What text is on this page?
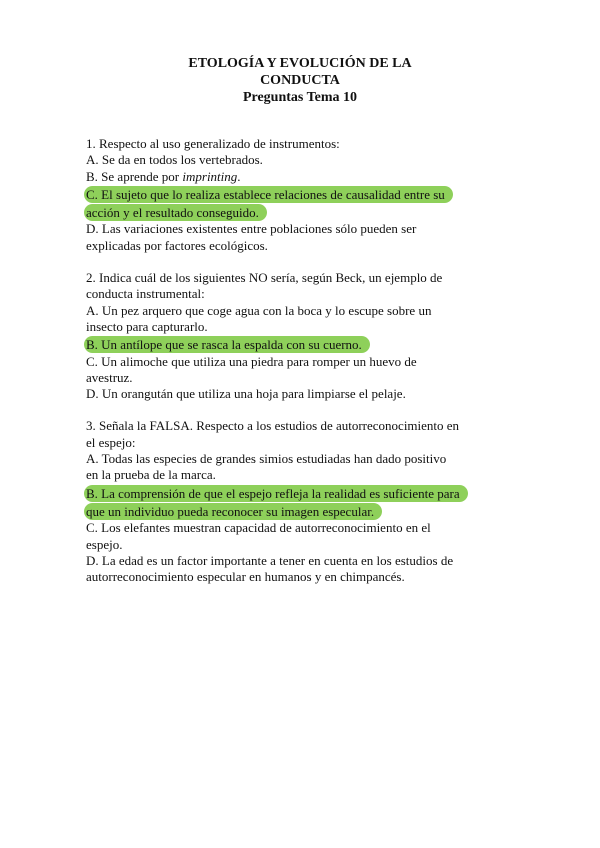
ETOLOGÍA Y EVOLUCIÓN DE LA
CONDUCTA
Preguntas Tema 10
1. Respecto al uso generalizado de instrumentos:
A. Se da en todos los vertebrados.
B. Se aprende por imprinting.
C. El sujeto que lo realiza establece relaciones de causalidad entre su
acción y el resultado conseguido.
D. Las variaciones existentes entre poblaciones sólo pueden ser
explicadas por factores ecológicos.
2. Indica cuál de los siguientes NO sería, según Beck, un ejemplo de
conducta instrumental:
A. Un pez arquero que coge agua con la boca y lo escupe sobre un
insecto para capturarlo.
B. Un antílope que se rasca la espalda con su cuerno.
C. Un alimoche que utiliza una piedra para romper un huevo de
avestruz.
D. Un orangután que utiliza una hoja para limpiarse el pelaje.
3. Señala la FALSA. Respecto a los estudios de autorreconocimiento en
el espejo:
A. Todas las especies de grandes simios estudiadas han dado positivo
en la prueba de la marca.
B. La comprensión de que el espejo refleja la realidad es suficiente para
que un individuo pueda reconocer su imagen especular.
C. Los elefantes muestran capacidad de autorreconocimiento en el
espejo.
D. La edad es un factor importante a tener en cuenta en los estudios de
autorreconocimiento especular en humanos y en chimpancés.
